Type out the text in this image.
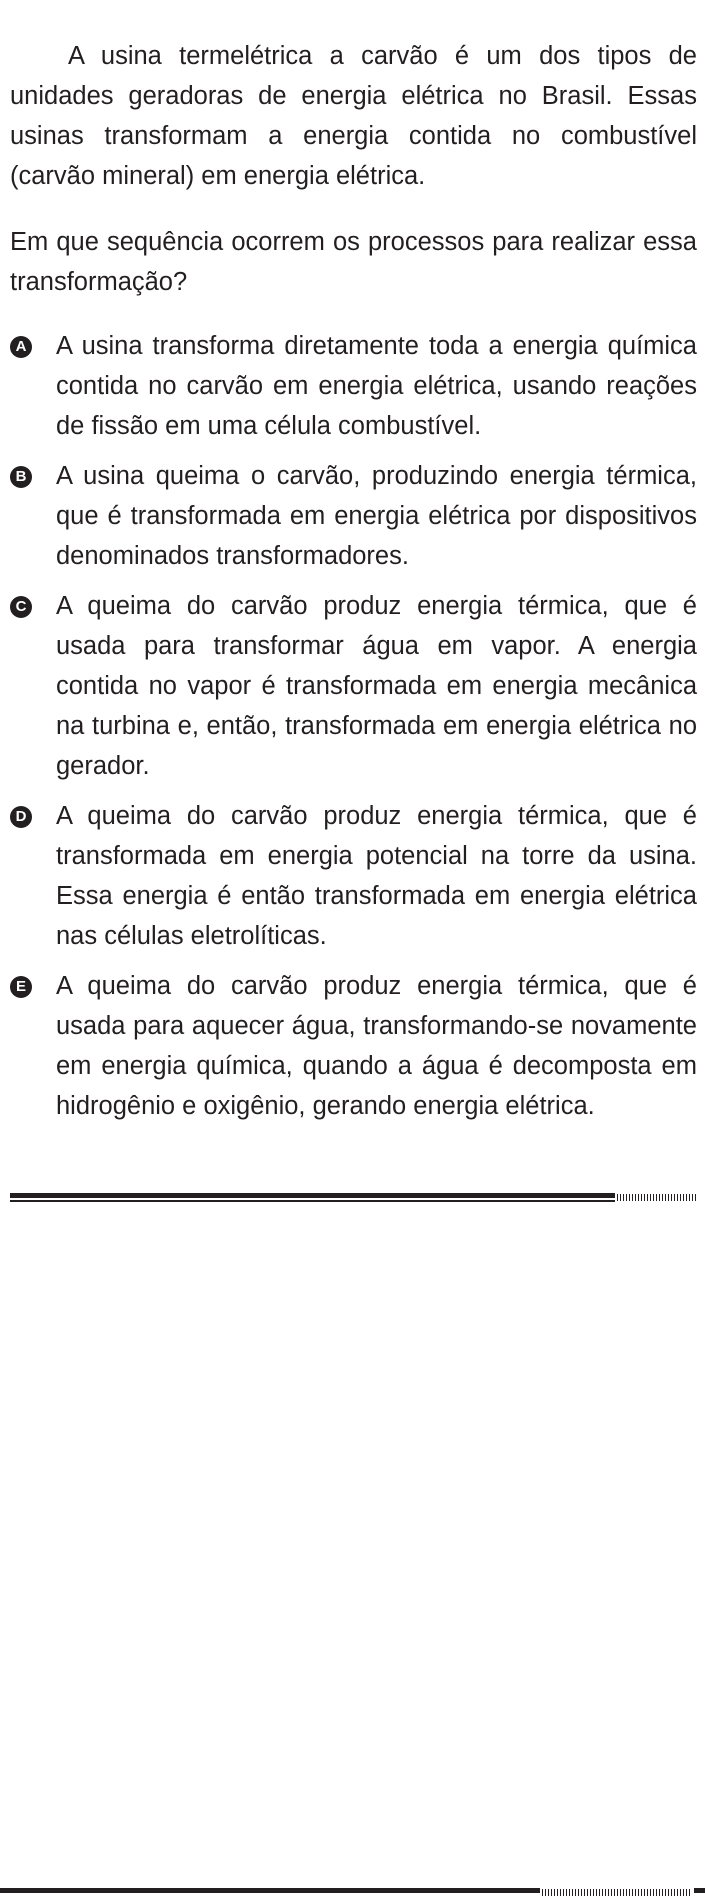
A usina termelétrica a carvão é um dos tipos de unidades geradoras de energia elétrica no Brasil. Essas usinas transformam a energia contida no combustível (carvão mineral) em energia elétrica.

Em que sequência ocorrem os processos para realizar essa transformação?

A A usina transforma diretamente toda a energia química contida no carvão em energia elétrica, usando reações de fissão em uma célula combustível.
B A usina queima o carvão, produzindo energia térmica, que é transformada em energia elétrica por dispositivos denominados transformadores.
C A queima do carvão produz energia térmica, que é usada para transformar água em vapor. A energia contida no vapor é transformada em energia mecânica na turbina e, então, transformada em energia elétrica no gerador.
D A queima do carvão produz energia térmica, que é transformada em energia potencial na torre da usina. Essa energia é então transformada em energia elétrica nas células eletrolíticas.
E A queima do carvão produz energia térmica, que é usada para aquecer água, transformando-se novamente em energia química, quando a água é decomposta em hidrogênio e oxigênio, gerando energia elétrica.
